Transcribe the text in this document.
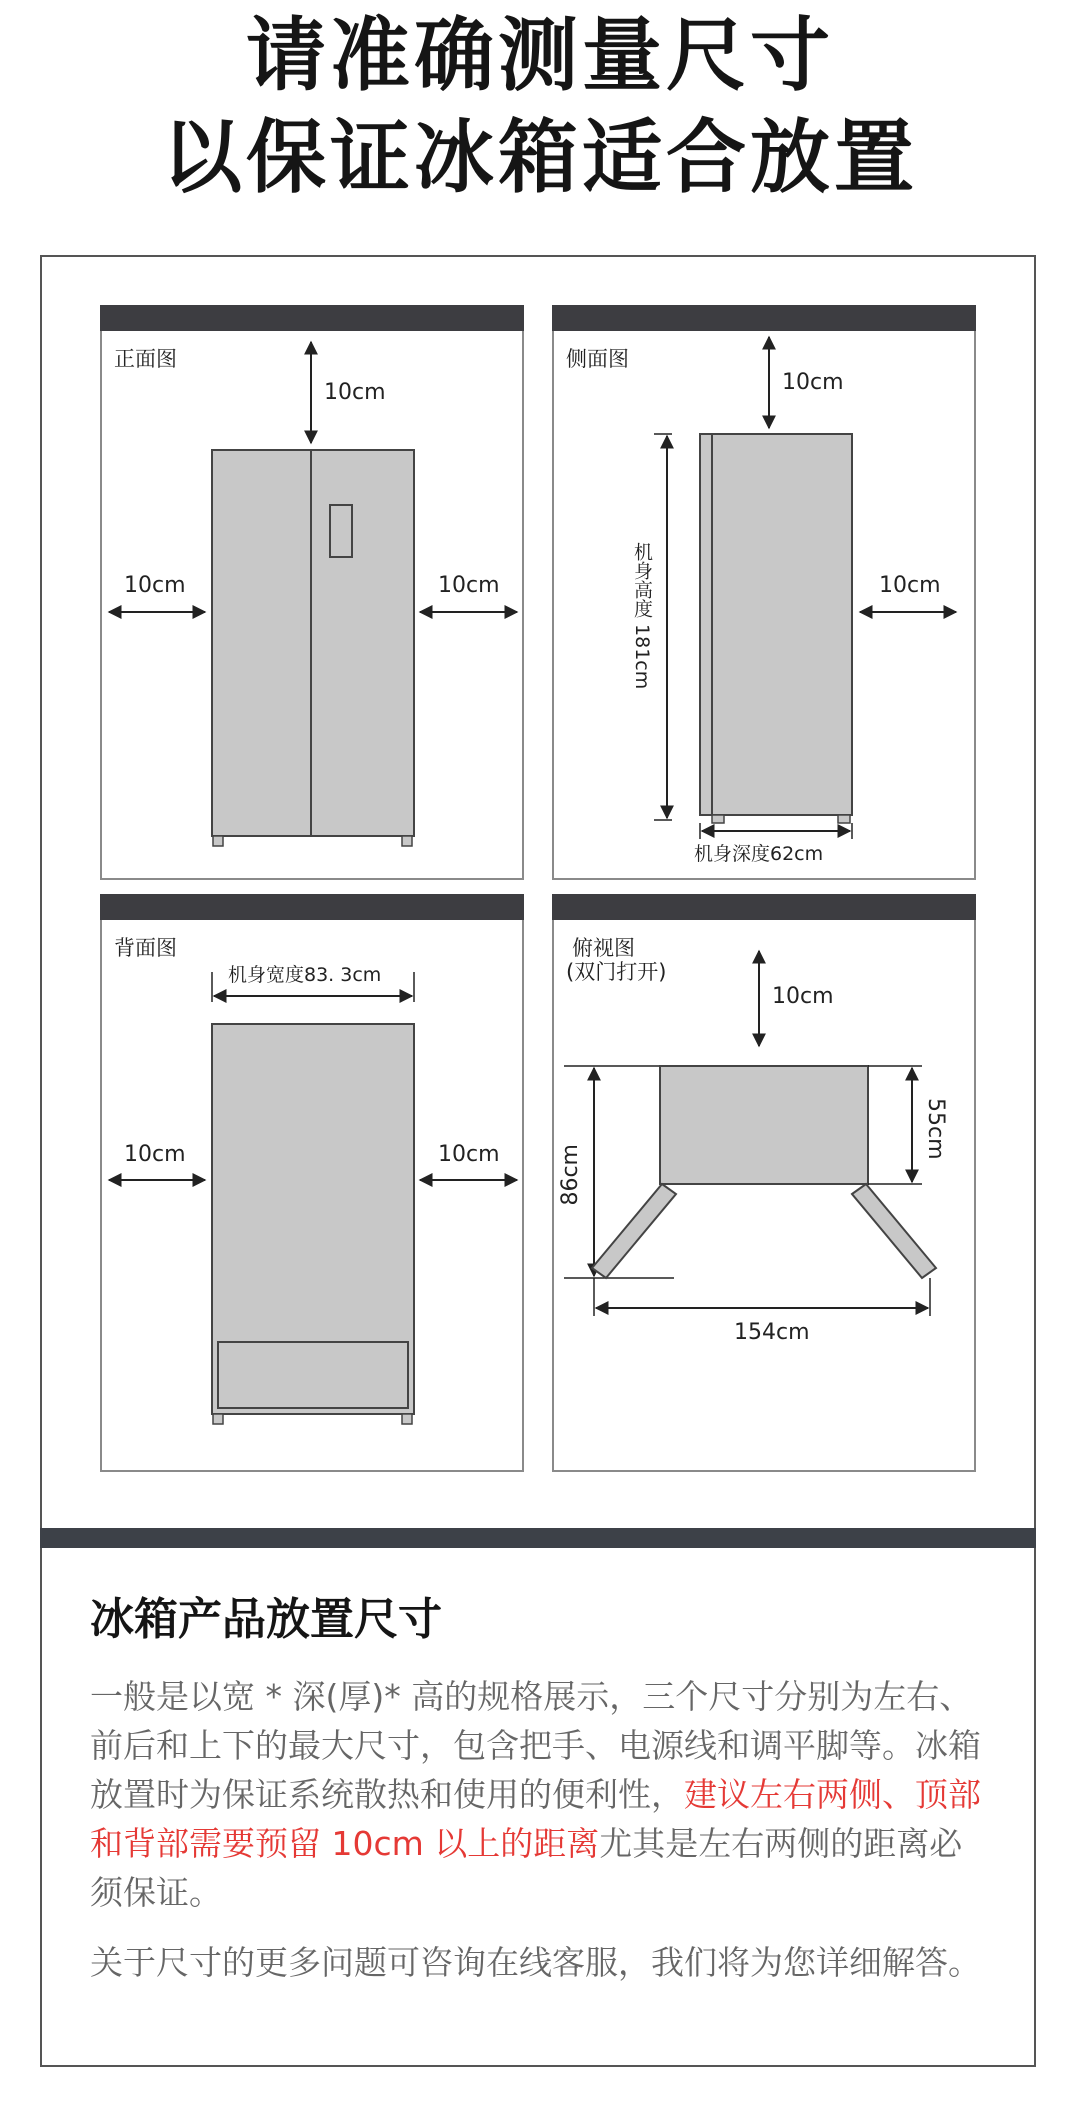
请准确测量尺寸
以保证冰箱适合放置
正面图
10cm
10cm	10cm
侧面图
10cm
机身高度 181cm
机身深度62cm
10cm
背面图
机身宽度83. 3cm
10cm	10cm
俯视图
(双门打开)
10cm
55cm
86cm
154cm
冰箱产品放置尺寸

一般是以宽 * 深(厚)* 高的规格展示，三个尺寸分别为左右、前后和上下的最大尺寸，包含把手、电源线和调平脚等。冰箱放置时为保证系统散热和使用的便利性，建议左右两侧、顶部和背部需要预留 10cm 以上的距离尤其是左右两侧的距离必须保证。

关于尺寸的更多问题可咨询在线客服，我们将为您详细解答。
